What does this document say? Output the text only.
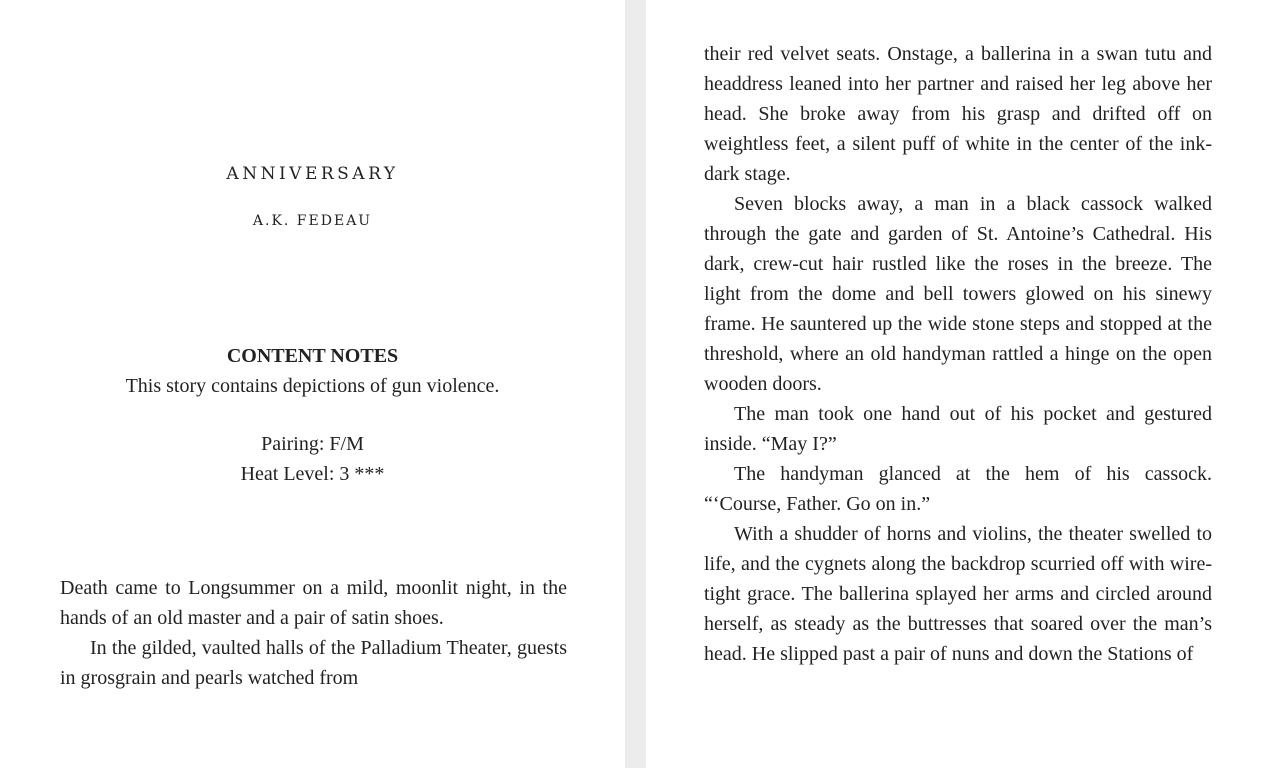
ANNIVERSARY
A.K. FEDEAU
CONTENT NOTES
This story contains depictions of gun violence.
Pairing: F/M
Heat Level: 3 ***

Death came to Longsummer on a mild, moonlit night, in the hands of an old master and a pair of satin shoes.

In the gilded, vaulted halls of the Palladium Theater, guests in grosgrain and pearls watched from

their red velvet seats. Onstage, a ballerina in a swan tutu and headdress leaned into her partner and raised her leg above her head. She broke away from his grasp and drifted off on weightless feet, a silent puff of white in the center of the ink-dark stage.

Seven blocks away, a man in a black cassock walked through the gate and garden of St. Antoine’s Cathedral. His dark, crew-cut hair rustled like the roses in the breeze. The light from the dome and bell towers glowed on his sinewy frame. He sauntered up the wide stone steps and stopped at the threshold, where an old handyman rattled a hinge on the open wooden doors.

The man took one hand out of his pocket and gestured inside. “May I?”

The handyman glanced at the hem of his cassock. “‘Course, Father. Go on in.”

With a shudder of horns and violins, the theater swelled to life, and the cygnets along the backdrop scurried off with wire-tight grace. The ballerina splayed her arms and circled around herself, as steady as the buttresses that soared over the man’s head. He slipped past a pair of nuns and down the Stations of
